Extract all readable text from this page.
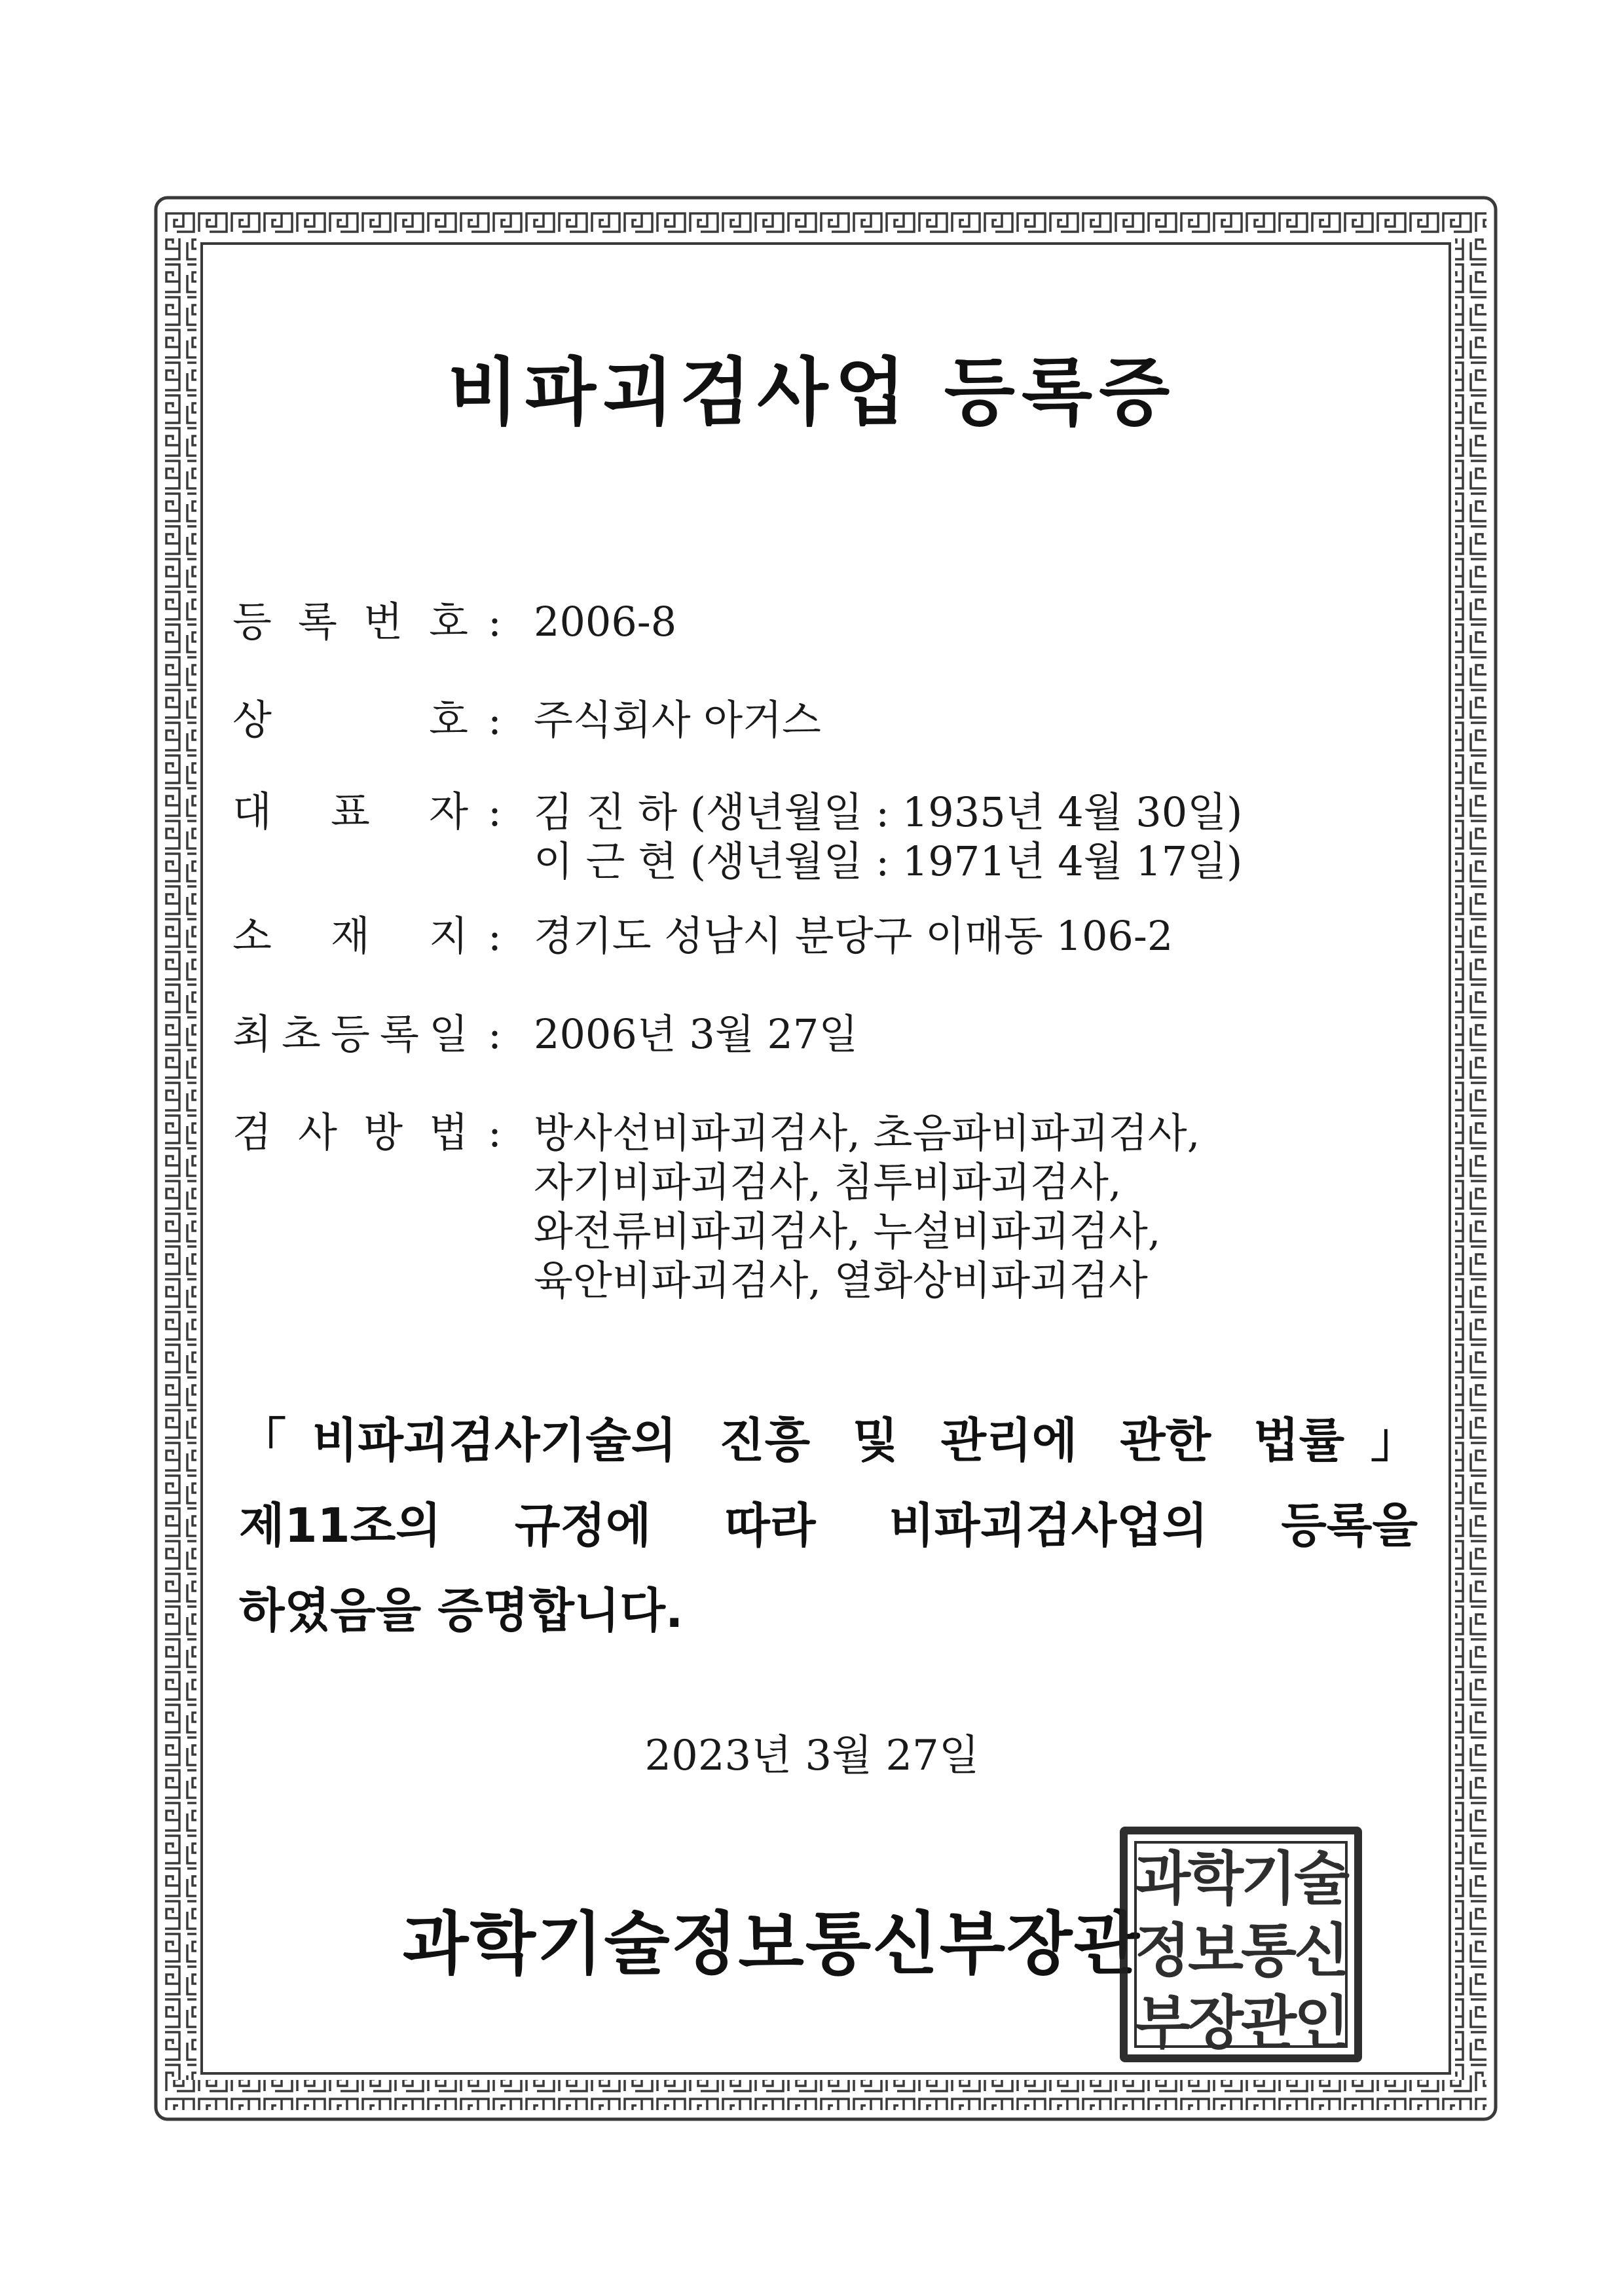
비파괴검사업 등록증
등 록 번 호 : 2006-8
상	호 : 주식회사 아거스
대 표 자 : 김 진 하 (생년월일 : 1935년 4월 30일)
이 근 현 (생년월일 : 1971년 4월 17일)
소 재 지 : 경기도 성남시 분당구 이매동 106-2
최 초 등 록 일 : 2006년 3월 27일
검 사 방 법 : 방사선비파괴검사, 초음파비파괴검사,
자기비파괴검사, 침투비파괴검사,
와전류비파괴검사, 누설비파괴검사,
육안비파괴검사, 열화상비파괴검사
「비파괴검사기술의 진흥 및 관리에 관한 법률」
제11조의 규정에 따라 비파괴검사업의 등록을
하였음을 증명합니다.
2023년 3월 27일
과학기술정보통신부장관
과학기술
정보통신
부장관인
